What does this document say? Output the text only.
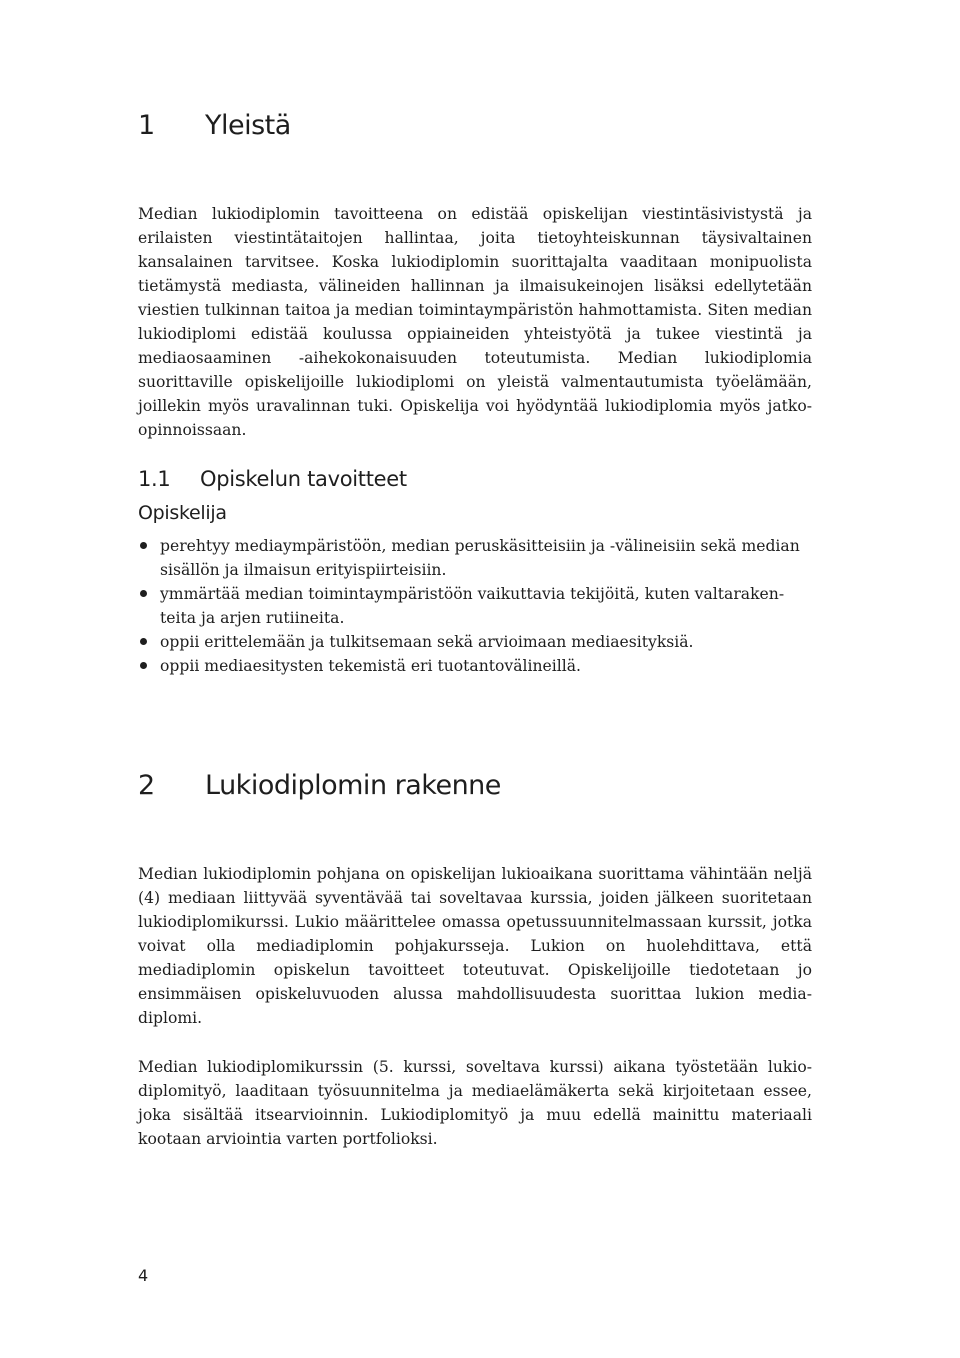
1 Yleistä

Median lukiodiplomin tavoitteena on edistää opiskelijan viestintäsivistystä ja erilaisten viestintätaitojen hallintaa, joita tietoyhteiskunnan täysivaltainen kansalainen tarvitsee. Koska lukiodiplomin suorittajalta vaaditaan monipuolista tietämystä mediasta, välineiden hallinnan ja ilmaisukeinojen lisäksi edellytetään viestien tulkinnan taitoa ja median toimintaympäristön hahmottamista. Siten median lukiodiplomi edistää koulussa oppiaineiden yhteistyötä ja tukee viestintä ja mediaosaaminen -aihekokonaisuuden toteutumista. Median lukiodiplomia suorittaville opiskelijoille lukiodiplomi on yleistä valmentautumista työelämään, joillekin myös uravalinnan tuki. Opiskelija voi hyödyntää lukiodiplomia myös jatko-opinnoissaan.

1.1 Opiskelun tavoitteet
Opiskelija
perehtyy mediaympäristöön, median peruskäsitteisiin ja -välineisiin sekä median sisällön ja ilmaisun erityispiirteisiin.
ymmärtää median toimintaympäristöön vaikuttavia tekijöitä, kuten valtarakenteita ja arjen rutiineita.
oppii erittelemään ja tulkitsemaan sekä arvioimaan mediaesityksiä.
oppii mediaesitysten tekemistä eri tuotantovälineillä.
2 Lukiodiplomin rakenne

Median lukiodiplomin pohjana on opiskelijan lukioaikana suorittama vähintään neljä (4) mediaan liittyvää syventävää tai soveltavaa kurssia, joiden jälkeen suoritetaan lukiodiplomikurssi. Lukio määrittelee omassa opetussuunnitelmassaan kurssit, jotka voivat olla mediadiplomin pohjakursseja. Lukion on huolehdittava, että mediadiplomin opiskelun tavoitteet toteutuvat. Opiskelijoille tiedotetaan jo ensimmäisen opiskeluvuoden alussa mahdollisuudesta suorittaa lukion mediadiplomi.

Median lukiodiplomikurssin (5. kurssi, soveltava kurssi) aikana työstetään lukiodiplomityö, laaditaan työsuunnitelma ja mediaelämäkerta sekä kirjoitetaan essee, joka sisältää itsearvioinnin. Lukiodiplomityö ja muu edellä mainittu materiaali kootaan arviointia varten portfolioksi.

4
